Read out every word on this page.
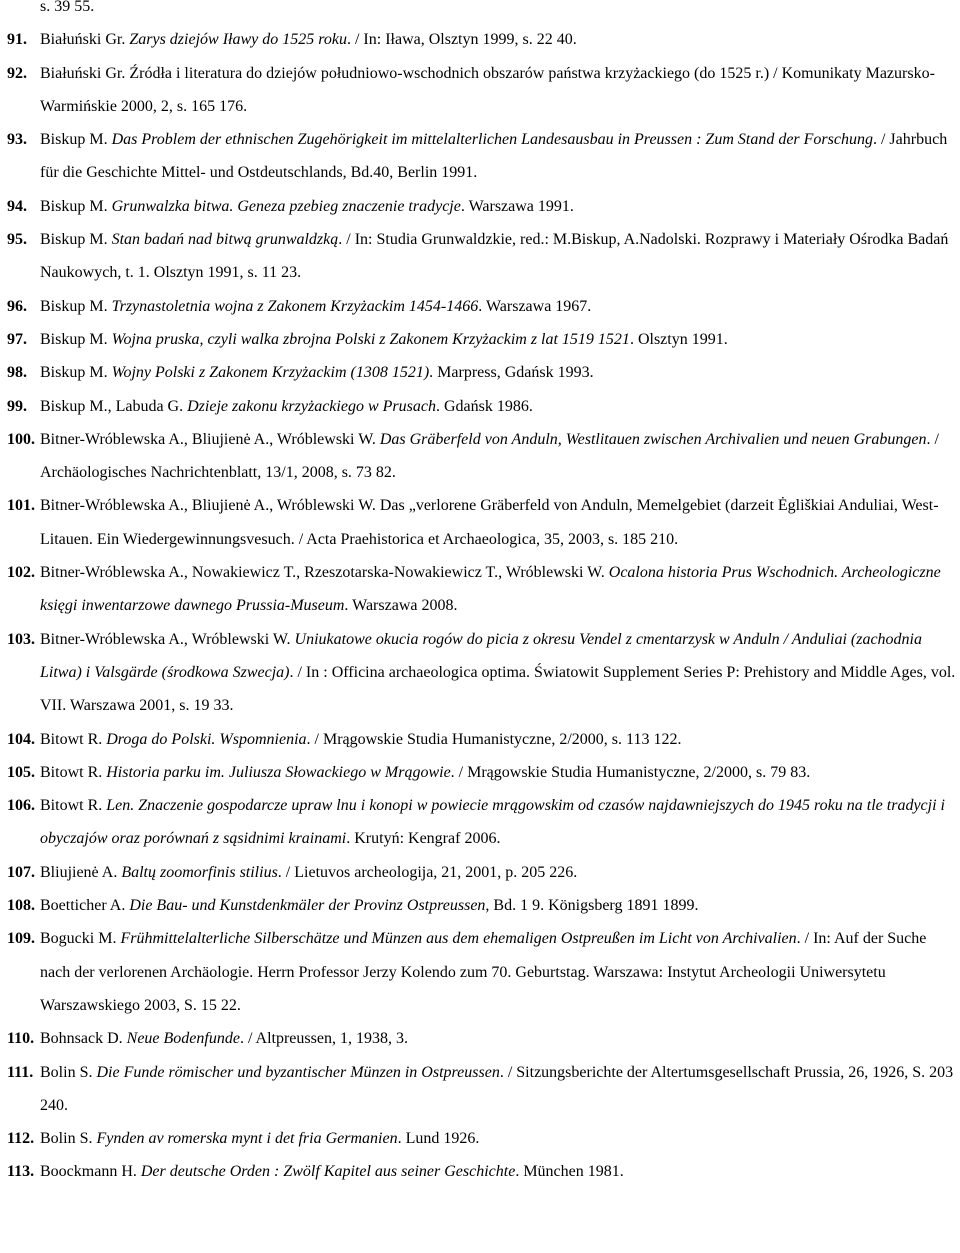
s. 39 55.

91. Białuński Gr. Zarys dziejów Iławy do 1525 roku. / In: Iława, Olsztyn 1999, s. 22 40.

92. Białuński Gr. Źródła i literatura do dziejów południowo-wschodnich obszarów państwa krzyżackiego (do 1525 r.) / Komunikaty Mazursko-Warmińskie 2000, 2, s. 165 176.

93. Biskup M. Das Problem der ethnischen Zugehörigkeit im mittelalterlichen Landesausbau in Preussen : Zum Stand der Forschung. / Jahrbuch für die Geschichte Mittel- und Ostdeutschlands, Bd.40, Berlin 1991.

94. Biskup M. Grunwalzka bitwa. Geneza pzebieg znaczenie tradycje. Warszawa 1991.

95. Biskup M. Stan badań nad bitwą grunwaldzką. / In: Studia Grunwaldzkie, red.: M.Biskup, A.Nadolski. Rozprawy i Materiały Ośrodka Badań Naukowych, t. 1. Olsztyn 1991, s. 11 23.

96. Biskup M. Trzynastoletnia wojna z Zakonem Krzyżackim 1454-1466. Warszawa 1967.

97. Biskup M. Wojna pruska, czyli walka zbrojna Polski z Zakonem Krzyżackim z lat 1519 1521. Olsztyn 1991.

98. Biskup M. Wojny Polski z Zakonem Krzyżackim (1308 1521). Marpress, Gdańsk 1993.

99. Biskup M., Labuda G. Dzieje zakonu krzyżackiego w Prusach. Gdańsk 1986.

100. Bitner-Wróblewska A., Bliujienė A., Wróblewski W. Das Gräberfeld von Anduln, Westlitauen zwischen Archivalien und neuen Grabungen. / Archäologisches Nachrichtenblatt, 13/1, 2008, s. 73 82.

101. Bitner-Wróblewska A., Bliujienė A., Wróblewski W. Das „verlorene Gräberfeld von Anduln, Memelgebiet (darzeit Ėgliškiai Anduliai, West-Litauen. Ein Wiedergewinnungsvesuch. / Acta Praehistorica et Archaeologica, 35, 2003, s. 185 210.

102. Bitner-Wróblewska A., Nowakiewicz T., Rzeszotarska-Nowakiewicz T., Wróblewski W. Ocalona historia Prus Wschodnich. Archeologiczne księgi inwentarzowe dawnego Prussia-Museum. Warszawa 2008.

103. Bitner-Wróblewska A., Wróblewski W. Uniukatowe okucia rogów do picia z okresu Vendel z cmentarzysk w Anduln / Anduliai (zachodnia Litwa) i Valsgärde (środkowa Szwecja). / In : Officina archaeologica optima. Światowit Supplement Series P: Prehistory and Middle Ages, vol. VII. Warszawa 2001, s. 19 33.

104. Bitowt R. Droga do Polski. Wspomnienia. / Mrągowskie Studia Humanistyczne, 2/2000, s. 113 122.

105. Bitowt R. Historia parku im. Juliuszа Słowackiego w Mrągowie. / Mrągowskie Studia Humanistyczne, 2/2000, s. 79 83.

106. Bitowt R. Len. Znaczenie gospodarcze upraw lnu i konopi w powiecie mrągowskim od czasów najdawniejszych do 1945 roku na tle tradycji i obyczajów oraz porównań z sąsidnimi krainami. Krutyń: Kengraf 2006.

107. Bliujienė A. Baltų zoomorfinis stilius. / Lietuvos archeologija, 21, 2001, p. 205 226.

108. Boetticher A. Die Bau- und Kunstdenkmäler der Provinz Ostpreussen, Bd. 1 9. Königsberg 1891 1899.

109. Bogucki M. Frühmittelalterliche Silberschätze und Münzen aus dem ehemaligen Ostpreußen im Licht von Archivalien. / In: Auf der Suche nach der verlorenen Archäologie. Herrn Professor Jerzy Kolendo zum 70. Geburtstag. Warszawa: Instytut Archeologii Uniwersytetu Warszawskiego 2003, S. 15 22.

110. Bohnsack D. Neue Bodenfunde. / Altpreussen, 1, 1938, 3.

111. Bolin S. Die Funde römischer und byzantischer Münzen in Ostpreussen. / Sitzungsberichte der Altertumsgesellschaft Prussia, 26, 1926, S. 203 240.

112. Bolin S. Fynden av romerska mynt i det fria Germanien. Lund 1926.

113. Boockmann H. Der deutsche Orden : Zwölf Kapitel aus seiner Geschichte. München 1981.
